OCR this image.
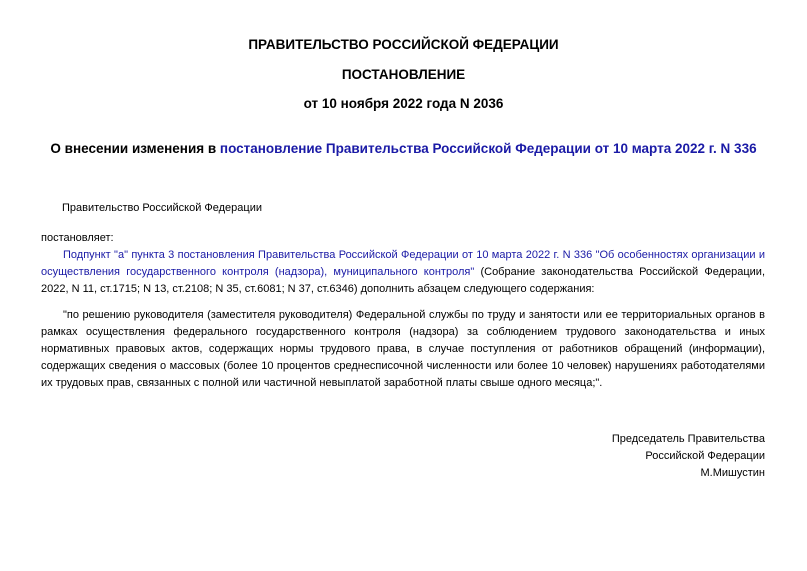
ПРАВИТЕЛЬСТВО РОССИЙСКОЙ ФЕДЕРАЦИИ
ПОСТАНОВЛЕНИЕ
от 10 ноября 2022 года N 2036
О внесении изменения в постановление Правительства Российской Федерации от 10 марта 2022 г. N 336
Правительство Российской Федерации
постановляет:
Подпункт "а" пункта 3 постановления Правительства Российской Федерации от 10 марта 2022 г. N 336 "Об особенностях организации и осуществления государственного контроля (надзора), муниципального контроля" (Собрание законодательства Российской Федерации, 2022, N 11, ст.1715; N 13, ст.2108; N 35, ст.6081; N 37, ст.6346) дополнить абзацем следующего содержания:
"по решению руководителя (заместителя руководителя) Федеральной службы по труду и занятости или ее территориальных органов в рамках осуществления федерального государственного контроля (надзора) за соблюдением трудового законодательства и иных нормативных правовых актов, содержащих нормы трудового права, в случае поступления от работников обращений (информации), содержащих сведения о массовых (более 10 процентов среднесписочной численности или более 10 человек) нарушениях работодателями их трудовых прав, связанных с полной или частичной невыплатой заработной платы свыше одного месяца;".
Председатель Правительства
Российской Федерации
М.Мишустин
